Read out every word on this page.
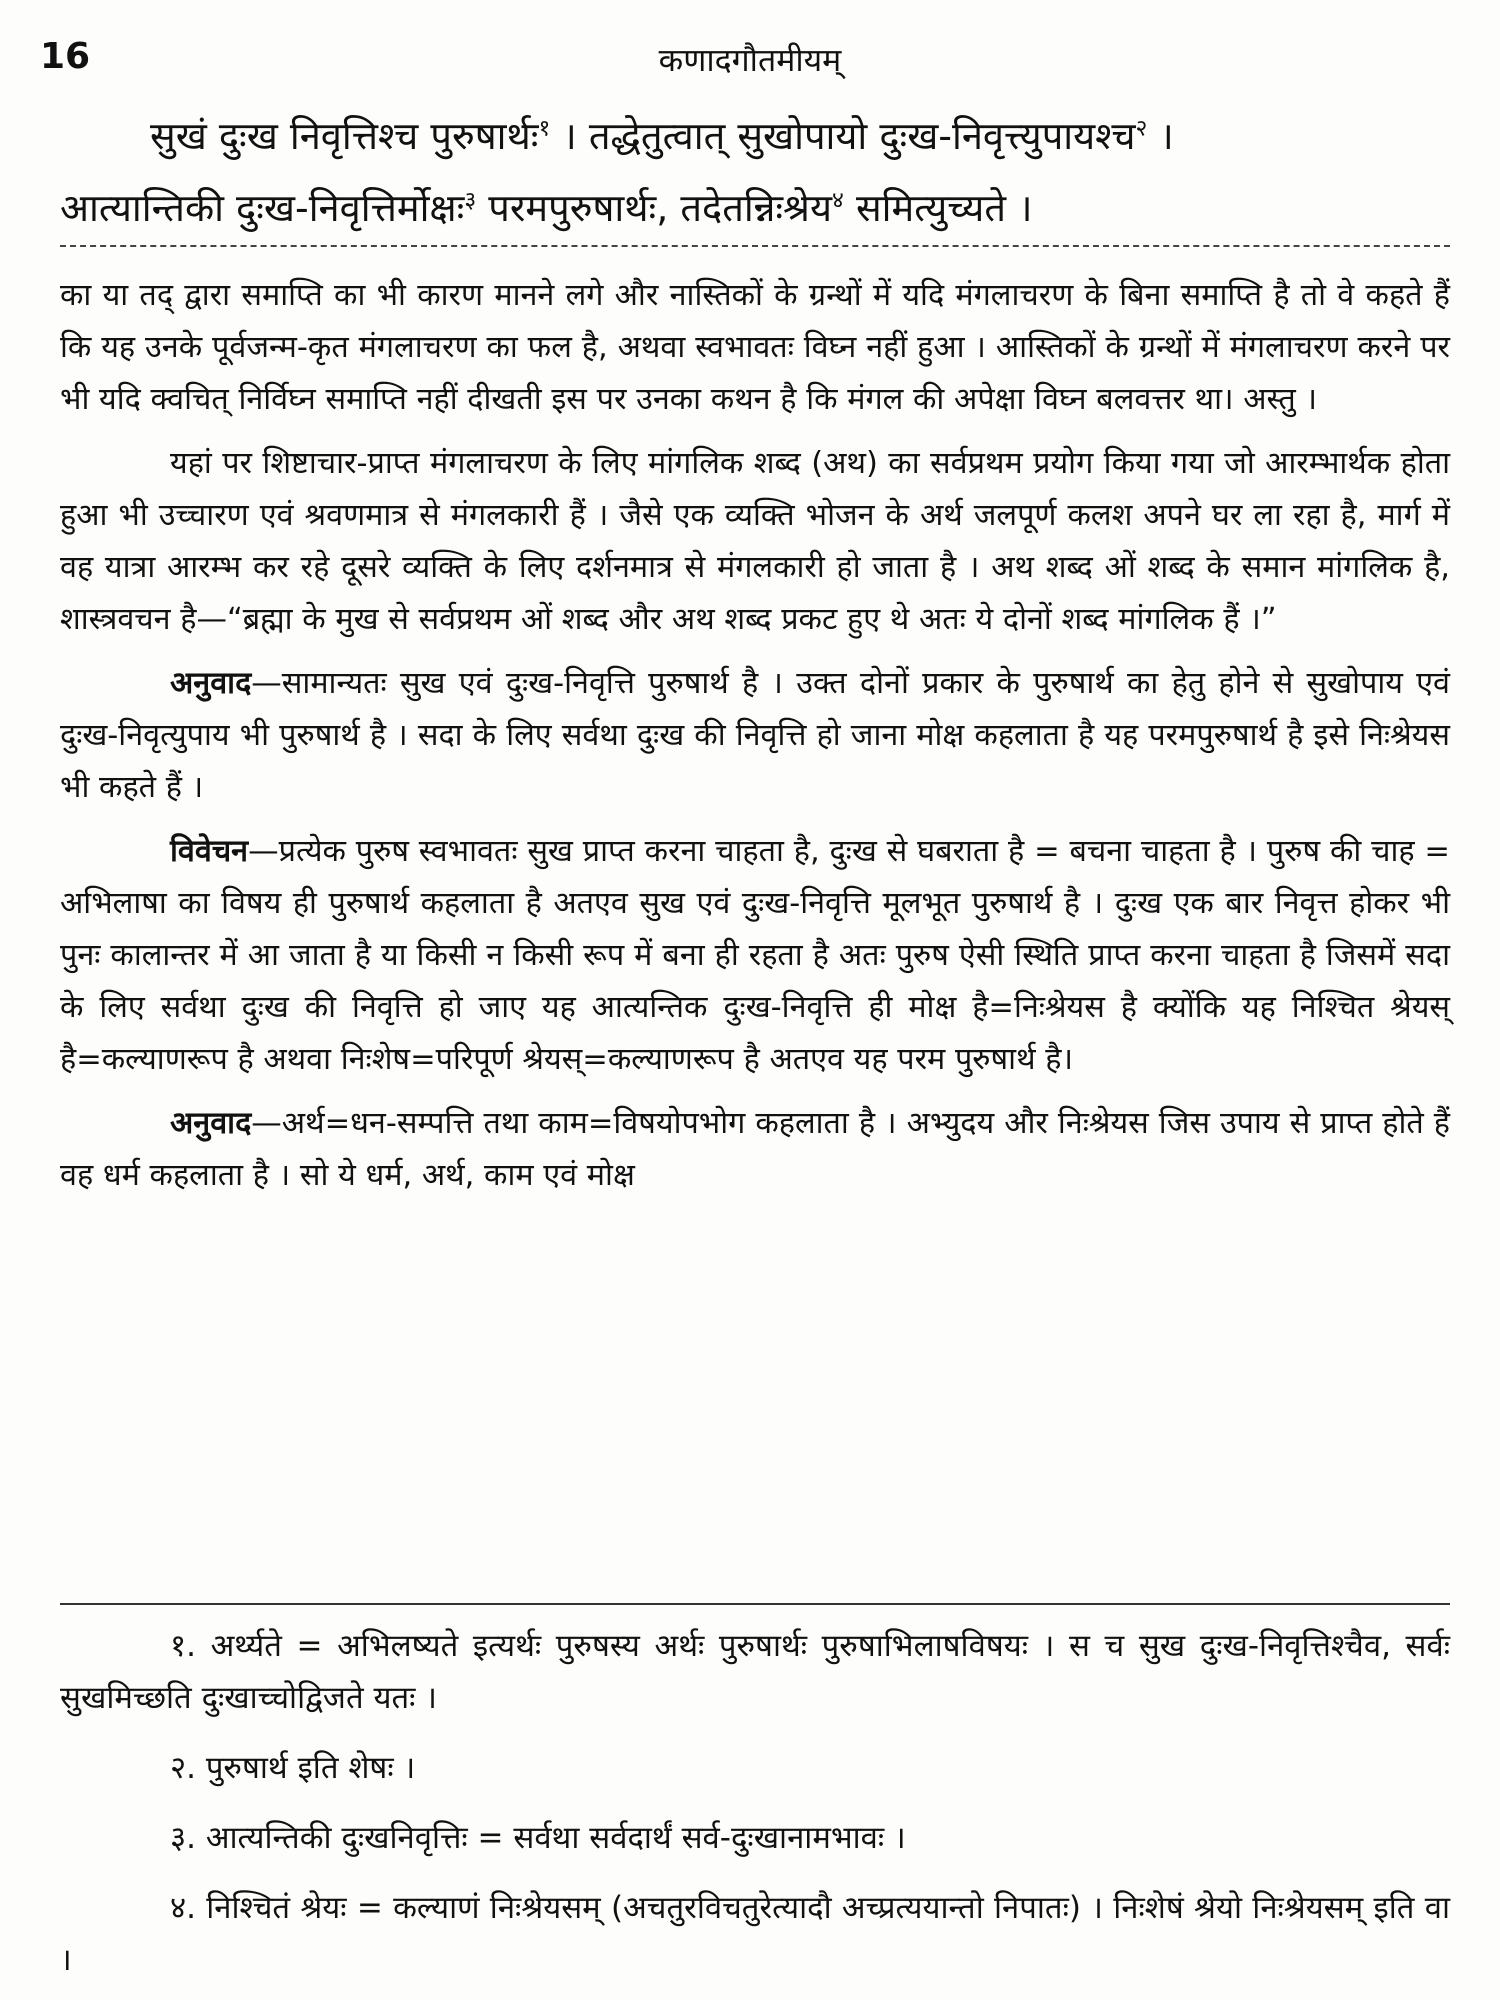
16	कणादगौतमीयम्

सुखं दुःख निवृत्तिश्च पुरुषार्थः$^१$ । तद्धेतुत्वात् सुखोपायो दुःख-निवृत्त्युपायश्च$^२$ ।

आत्यान्तिकी दुःख-निवृत्तिर्मोक्षः$^३$ परमपुरुषार्थः, तदेतन्निःश्रेय$^४$ समित्युच्यते ।

का या तद् द्वारा समाप्ति का भी कारण मानने लगे और नास्तिकों के ग्रन्थों में यदि मंगलाचरण के बिना समाप्ति है तो वे कहते हैं कि यह उनके पूर्वजन्म-कृत मंगलाचरण का फल है, अथवा स्वभावतः विघ्न नहीं हुआ । आस्तिकों के ग्रन्थों में मंगलाचरण करने पर भी यदि क्वचित् निर्विघ्न समाप्ति नहीं दीखती इस पर उनका कथन है कि मंगल की अपेक्षा विघ्न बलवत्तर था। अस्तु ।

यहां पर शिष्टाचार-प्राप्त मंगलाचरण के लिए मांगलिक शब्द (अथ) का सर्वप्रथम प्रयोग किया गया जो आरम्भार्थक होता हुआ भी उच्चारण एवं श्रवणमात्र से मंगलकारी हैं । जैसे एक व्यक्ति भोजन के अर्थ जलपूर्ण कलश अपने घर ला रहा है, मार्ग में वह यात्रा आरम्भ कर रहे दूसरे व्यक्ति के लिए दर्शनमात्र से मंगलकारी हो जाता है । अथ शब्द ओं शब्द के समान मांगलिक है, शास्त्रवचन है—“ब्रह्मा के मुख से सर्वप्रथम ओं शब्द और अथ शब्द प्रकट हुए थे अतः ये दोनों शब्द मांगलिक हैं ।”

अनुवाद—सामान्यतः सुख एवं दुःख-निवृत्ति पुरुषार्थ है । उक्त दोनों प्रकार के पुरुषार्थ का हेतु होने से सुखोपाय एवं दुःख-निवृत्युपाय भी पुरुषार्थ है । सदा के लिए सर्वथा दुःख की निवृत्ति हो जाना मोक्ष कहलाता है यह परमपुरुषार्थ है इसे निःश्रेयस भी कहते हैं ।

विवेचन—प्रत्येक पुरुष स्वभावतः सुख प्राप्त करना चाहता है, दुःख से घबराता है = बचना चाहता है । पुरुष की चाह = अभिलाषा का विषय ही पुरुषार्थ कहलाता है अतएव सुख एवं दुःख-निवृत्ति मूलभूत पुरुषार्थ है । दुःख एक बार निवृत्त होकर भी पुनः कालान्तर में आ जाता है या किसी न किसी रूप में बना ही रहता है अतः पुरुष ऐसी स्थिति प्राप्त करना चाहता है जिसमें सदा के लिए सर्वथा दुःख की निवृत्ति हो जाए यह आत्यन्तिक दुःख-निवृत्ति ही मोक्ष है=निःश्रेयस है क्योंकि यह निश्चित श्रेयस् है=कल्याणरूप है अथवा निःशेष=परिपूर्ण श्रेयस्=कल्याणरूप है अतएव यह परम पुरुषार्थ है।

अनुवाद—अर्थ=धन-सम्पत्ति तथा काम=विषयोपभोग कहलाता है । अभ्युदय और निःश्रेयस जिस उपाय से प्राप्त होते हैं वह धर्म कहलाता है । सो ये धर्म, अर्थ, काम एवं मोक्ष

१. अर्थ्यते = अभिलष्यते इत्यर्थः पुरुषस्य अर्थः पुरुषार्थः पुरुषाभिलाषविषयः । स च सुख दुःख-निवृत्तिश्चैव, सर्वः सुखमिच्छति दुःखाच्चोद्विजते यतः ।

२. पुरुषार्थ इति शेषः ।

३. आत्यन्तिकी दुःखनिवृत्तिः = सर्वथा सर्वदार्थं सर्व-दुःखानामभावः ।

४. निश्चितं श्रेयः = कल्याणं निःश्रेयसम् (अचतुरविचतुरेत्यादौ अच्प्रत्ययान्तो निपातः) । निःशेषं श्रेयो निःश्रेयसम् इति वा ।
